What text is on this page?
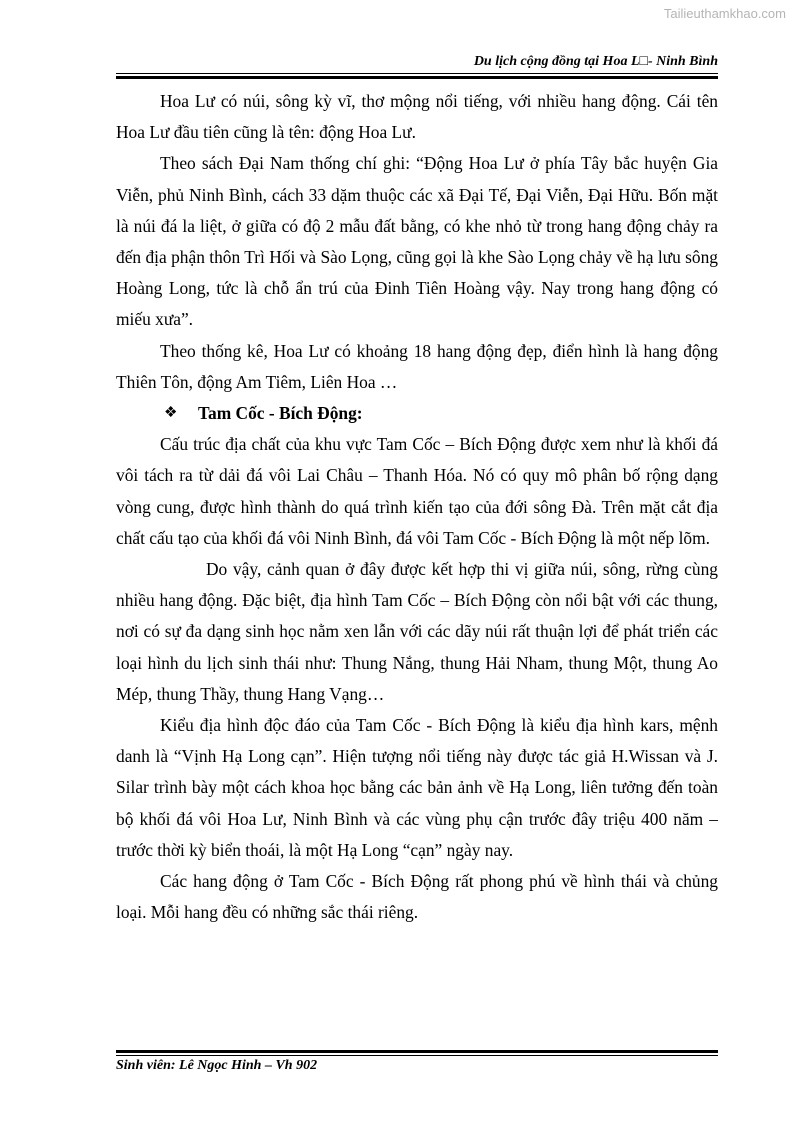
Tailieuthamkhao.com
Du lịch cộng đồng tại Hoa L□- Ninh Bình

Hoa Lư có núi, sông kỳ vĩ, thơ mộng nổi tiếng, với nhiều hang động. Cái tên Hoa Lư đầu tiên cũng là tên: động Hoa Lư.

Theo sách Đại Nam thống chí ghi: “Động Hoa Lư ở phía Tây bắc huyện Gia Viễn, phủ Ninh Bình, cách 33 dặm thuộc các xã Đại Tế, Đại Viễn, Đại Hữu. Bốn mặt là núi đá la liệt, ở giữa có độ 2 mẫu đất bằng, có khe nhỏ từ trong hang động chảy ra đến địa phận thôn Trì Hối và Sào Lọng, cũng gọi là khe Sào Lọng chảy về hạ lưu sông Hoàng Long, tức là chỗ ẩn trú của Đinh Tiên Hoàng vậy. Nay trong hang động có miếu xưa”.

Theo thống kê, Hoa Lư có khoảng 18 hang động đẹp, điển hình là hang động Thiên Tôn, động Am Tiêm, Liên Hoa …

❖	Tam Cốc - Bích Động:

Cấu trúc địa chất của khu vực Tam Cốc – Bích Động được xem như là khối đá vôi tách ra từ dải đá vôi Lai Châu – Thanh Hóa. Nó có quy mô phân bố rộng dạng vòng cung, được hình thành do quá trình kiến tạo của đới sông Đà. Trên mặt cắt địa chất cấu tạo của khối đá vôi Ninh Bình, đá vôi Tam Cốc - Bích Động là một nếp lõm.

Do vậy, cảnh quan ở đây được kết hợp thi vị giữa núi, sông, rừng cùng nhiều hang động. Đặc biệt, địa hình Tam Cốc – Bích Động còn nổi bật với các thung, nơi có sự đa dạng sinh học nằm xen lẫn với các dãy núi rất thuận lợi để phát triển các loại hình du lịch sinh thái như: Thung Nắng, thung Hải Nham, thung Một, thung Ao Mép, thung Thầy, thung Hang Vạng…

Kiểu địa hình độc đáo của Tam Cốc - Bích Động là kiểu địa hình kars, mệnh danh là “Vịnh Hạ Long cạn”. Hiện tượng nổi tiếng này được tác giả H.Wissan và J. Silar trình bày một cách khoa học bằng các bản ảnh về Hạ Long, liên tưởng đến toàn bộ khối đá vôi Hoa Lư, Ninh Bình và các vùng phụ cận trước đây triệu 400 năm – trước thời kỳ biển thoái, là một Hạ Long “cạn” ngày nay.

Các hang động ở Tam Cốc - Bích Động rất phong phú về hình thái và chủng loại. Mỗi hang đều có những sắc thái riêng.

Sinh viên: Lê Ngọc Hinh – Vh 902
